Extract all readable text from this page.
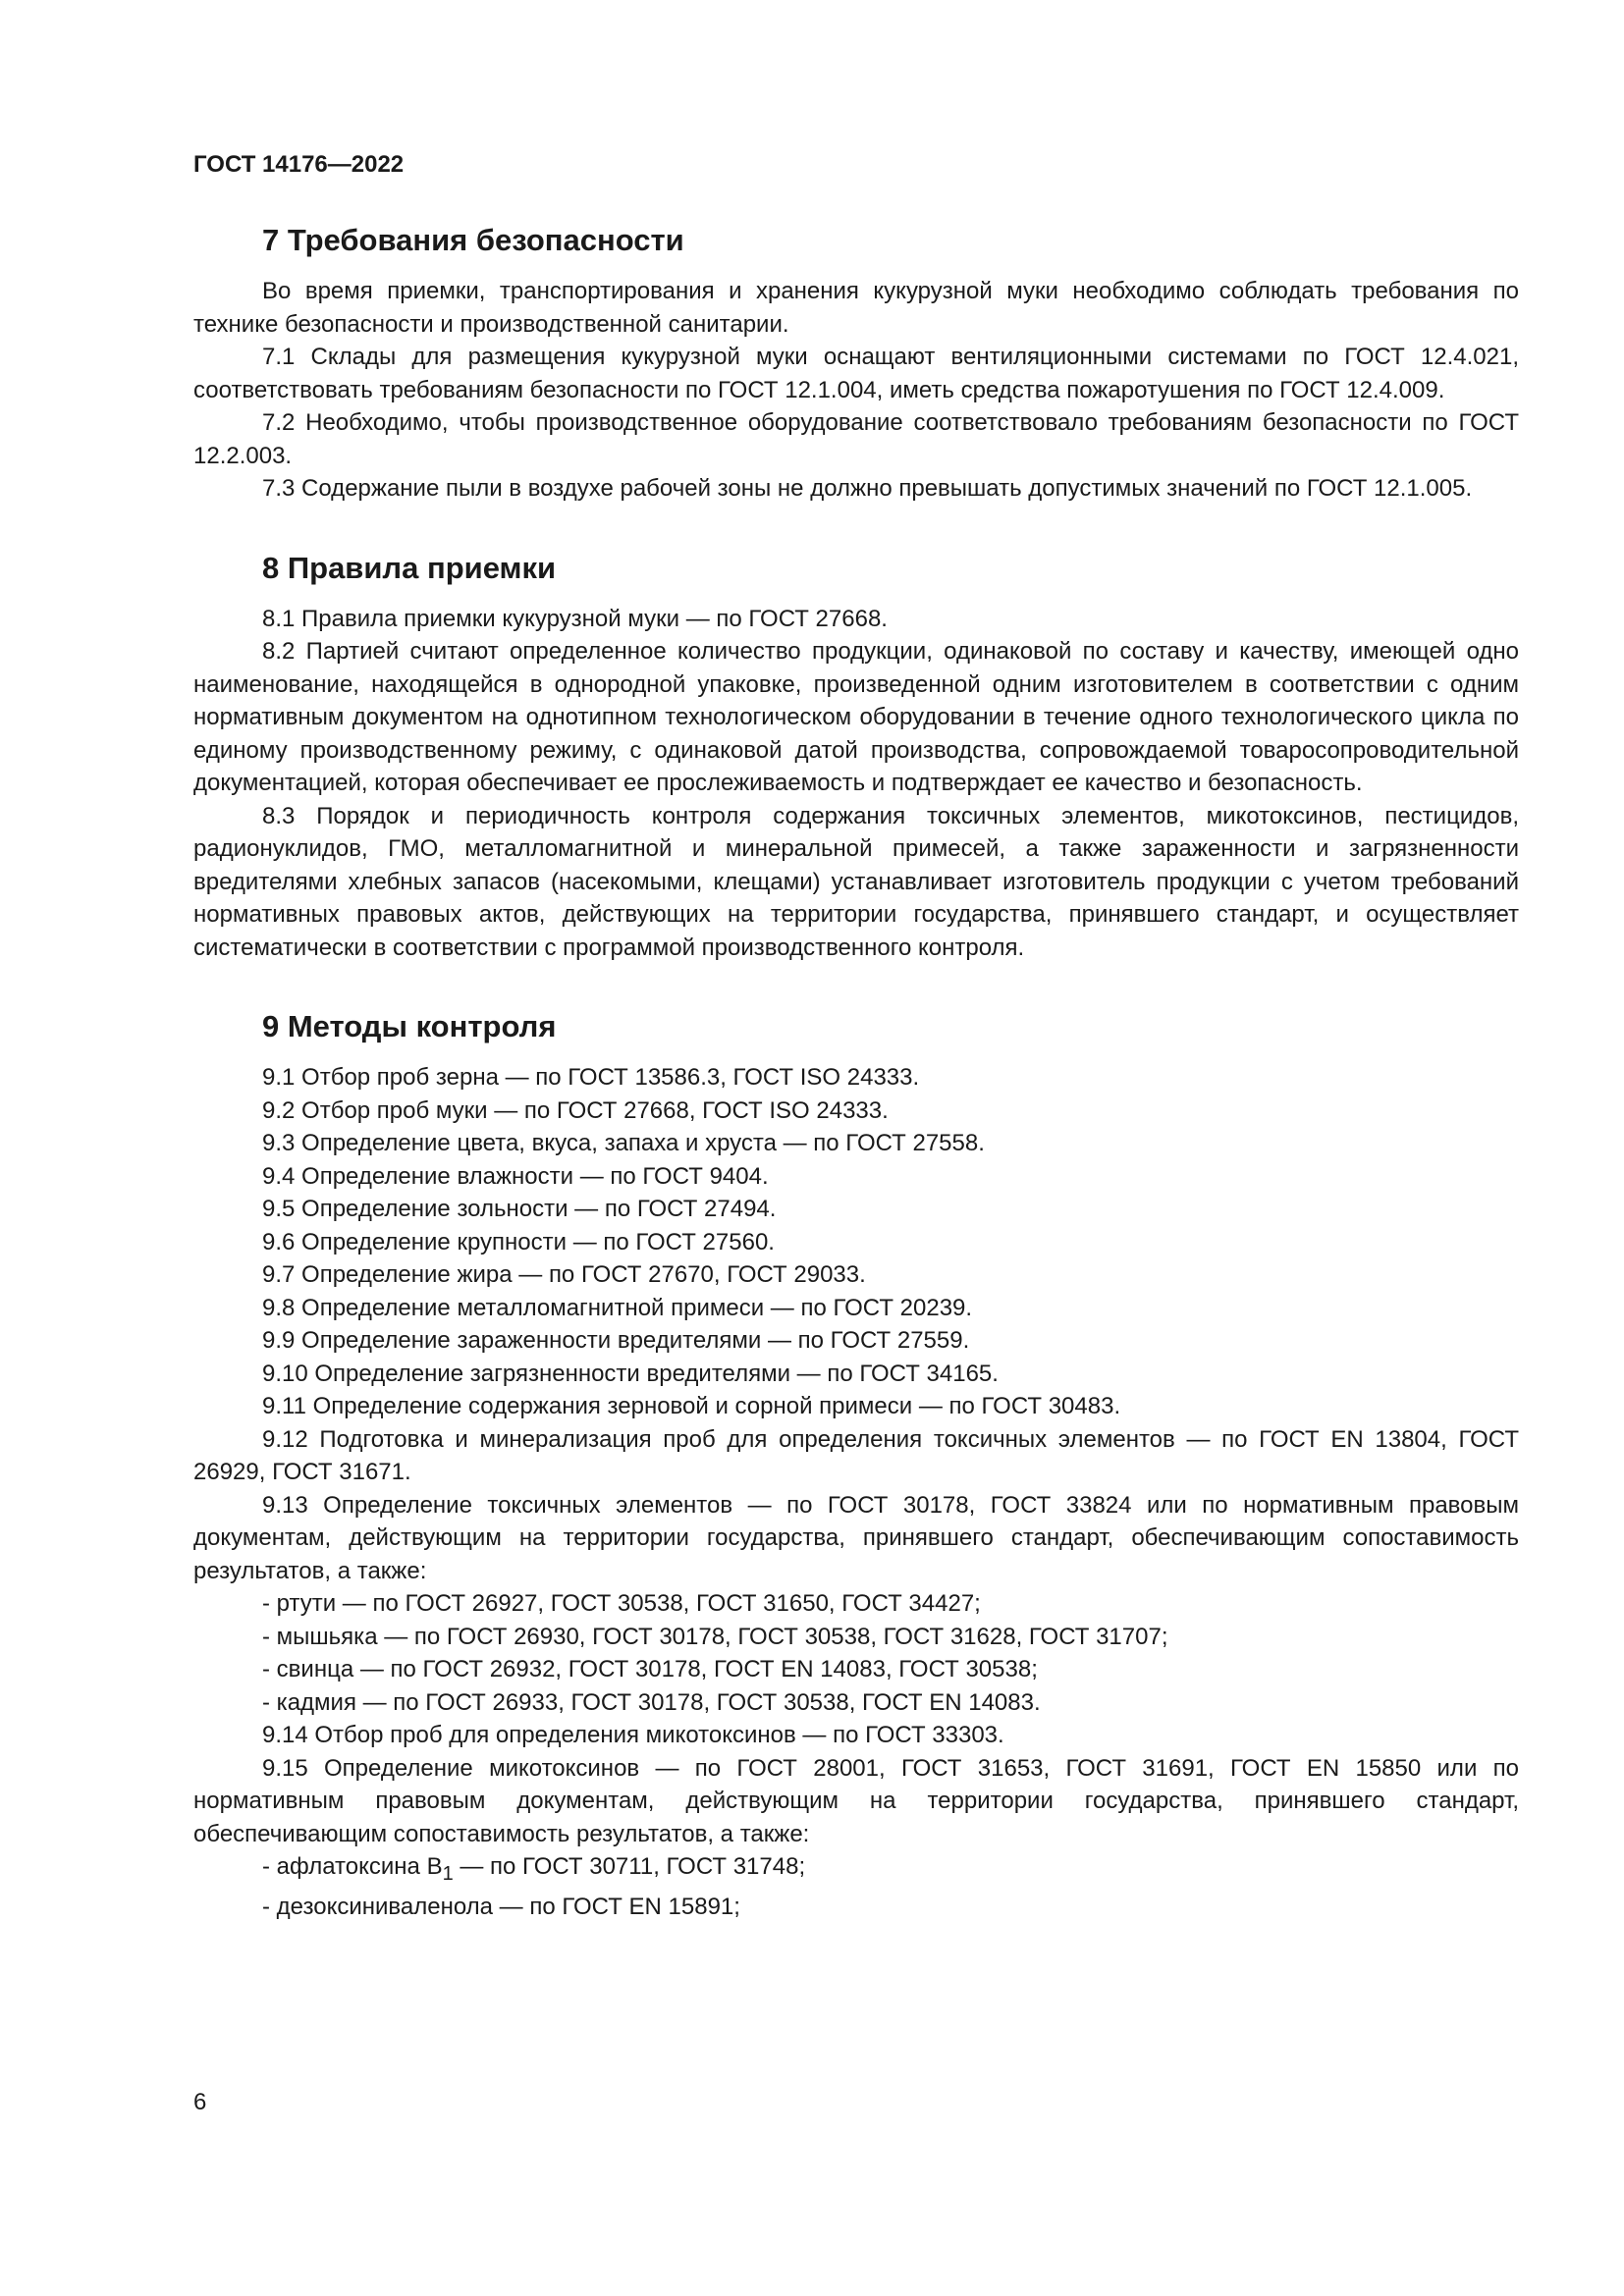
ГОСТ 14176—2022
7 Требования безопасности

Во время приемки, транспортирования и хранения кукурузной муки необходимо соблюдать требования по технике безопасности и производственной санитарии.

7.1 Склады для размещения кукурузной муки оснащают вентиляционными системами по ГОСТ 12.4.021, соответствовать требованиям безопасности по ГОСТ 12.1.004, иметь средства пожаротушения по ГОСТ 12.4.009.

7.2 Необходимо, чтобы производственное оборудование соответствовало требованиям безопасности по ГОСТ 12.2.003.

7.3 Содержание пыли в воздухе рабочей зоны не должно превышать допустимых значений по ГОСТ 12.1.005.

8 Правила приемки

8.1 Правила приемки кукурузной муки — по ГОСТ 27668.

8.2 Партией считают определенное количество продукции, одинаковой по составу и качеству, имеющей одно наименование, находящейся в однородной упаковке, произведенной одним изготовителем в соответствии с одним нормативным документом на однотипном технологическом оборудовании в течение одного технологического цикла по единому производственному режиму, с одинаковой датой производства, сопровождаемой товаросопроводительной документацией, которая обеспечивает ее прослеживаемость и подтверждает ее качество и безопасность.

8.3 Порядок и периодичность контроля содержания токсичных элементов, микотоксинов, пестицидов, радионуклидов, ГМО, металломагнитной и минеральной примесей, а также зараженности и загрязненности вредителями хлебных запасов (насекомыми, клещами) устанавливает изготовитель продукции с учетом требований нормативных правовых актов, действующих на территории государства, принявшего стандарт, и осуществляет систематически в соответствии с программой производственного контроля.

9 Методы контроля

9.1 Отбор проб зерна — по ГОСТ 13586.3, ГОСТ ISO 24333.

9.2 Отбор проб муки — по ГОСТ 27668, ГОСТ ISO 24333.

9.3 Определение цвета, вкуса, запаха и хруста — по ГОСТ 27558.

9.4 Определение влажности — по ГОСТ 9404.

9.5 Определение зольности — по ГОСТ 27494.

9.6 Определение крупности — по ГОСТ 27560.

9.7 Определение жира — по ГОСТ 27670, ГОСТ 29033.

9.8 Определение металломагнитной примеси — по ГОСТ 20239.

9.9 Определение зараженности вредителями — по ГОСТ 27559.

9.10 Определение загрязненности вредителями — по ГОСТ 34165.

9.11 Определение содержания зерновой и сорной примеси — по ГОСТ 30483.

9.12 Подготовка и минерализация проб для определения токсичных элементов — по ГОСТ EN 13804, ГОСТ 26929, ГОСТ 31671.

9.13 Определение токсичных элементов — по ГОСТ 30178, ГОСТ 33824 или по нормативным правовым документам, действующим на территории государства, принявшего стандарт, обеспечивающим сопоставимость результатов, а также:

- ртути — по ГОСТ 26927, ГОСТ 30538, ГОСТ 31650, ГОСТ 34427;
- мышьяка — по ГОСТ 26930, ГОСТ 30178, ГОСТ 30538, ГОСТ 31628, ГОСТ 31707;
- свинца — по ГОСТ 26932, ГОСТ 30178, ГОСТ EN 14083, ГОСТ 30538;
- кадмия — по ГОСТ 26933, ГОСТ 30178, ГОСТ 30538, ГОСТ EN 14083.

9.14 Отбор проб для определения микотоксинов — по ГОСТ 33303.

9.15 Определение микотоксинов — по ГОСТ 28001, ГОСТ 31653, ГОСТ 31691, ГОСТ EN 15850 или по нормативным правовым документам, действующим на территории государства, принявшего стандарт, обеспечивающим сопоставимость результатов, а также:

- афлатоксина $B_1$ — по ГОСТ 30711, ГОСТ 31748;
- дезоксиниваленола — по ГОСТ EN 15891;
6
